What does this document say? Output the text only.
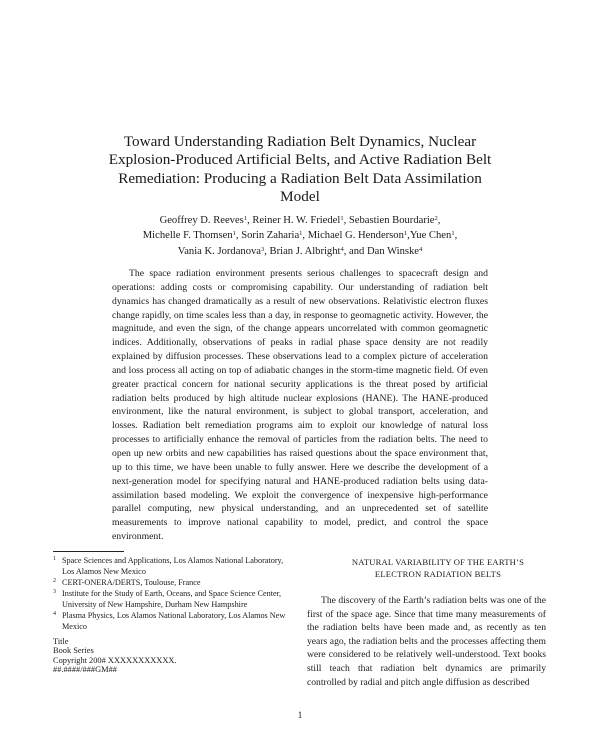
Toward Understanding Radiation Belt Dynamics, Nuclear Explosion-Produced Artificial Belts, and Active Radiation Belt Remediation: Producing a Radiation Belt Data Assimilation Model
Geoffrey D. Reeves$^1$, Reiner H. W. Friedel$^1$, Sebastien Bourdarie$^2$,
Michelle F. Thomsen$^1$, Sorin Zaharia$^1$, Michael G. Henderson$^1$,Yue Chen$^1$,
Vania K. Jordanova$^3$, Brian J. Albright$^4$, and Dan Winske$^4$

The space radiation environment presents serious challenges to spacecraft design and operations: adding costs or compromising capability. Our understanding of radiation belt dynamics has changed dramatically as a result of new observations. Relativistic electron fluxes change rapidly, on time scales less than a day, in response to geomagnetic activity. However, the magnitude, and even the sign, of the change appears uncorrelated with common geomagnetic indices. Additionally, observations of peaks in radial phase space density are not readily explained by diffusion processes. These observations lead to a complex picture of acceleration and loss process all acting on top of adiabatic changes in the storm-time magnetic field. Of even greater practical concern for national security applications is the threat posed by artificial radiation belts produced by high altitude nuclear explosions (HANE). The HANE-produced environment, like the natural environment, is subject to global transport, acceleration, and losses. Radiation belt remediation programs aim to exploit our knowledge of natural loss processes to artificially enhance the removal of particles from the radiation belts. The need to open up new orbits and new capabilities has raised questions about the space environment that, up to this time, we have been unable to fully answer. Here we describe the development of a next-generation model for specifying natural and HANE-produced radiation belts using data-assimilation based modeling. We exploit the convergence of inexpensive high-performance parallel computing, new physical understanding, and an unprecedented set of satellite measurements to improve national capability to model, predict, and control the space environment.

1 Space Sciences and Applications, Los Alamos National Laboratory, Los Alamos New Mexico
2 CERT-ONERA/DERTS, Toulouse, France
3 Institute for the Study of Earth, Oceans, and Space Science Center, University of New Hampshire, Durham New Hampshire
4 Plasma Physics, Los Alamos National Laboratory, Los Alamos New Mexico
Title
Book Series
Copyright 200# XXXXXXXXXXX.
##.####/###GM##
NATURAL VARIABILITY OF THE EARTH’S
ELECTRON RADIATION BELTS

The discovery of the Earth’s radiation belts was one of the first of the space age. Since that time many measurements of the radiation belts have been made and, as recently as ten years ago, the radiation belts and the processes affecting them were considered to be relatively well-understood. Text books still teach that radiation belt dynamics are primarily controlled by radial and pitch angle diffusion as described

1
